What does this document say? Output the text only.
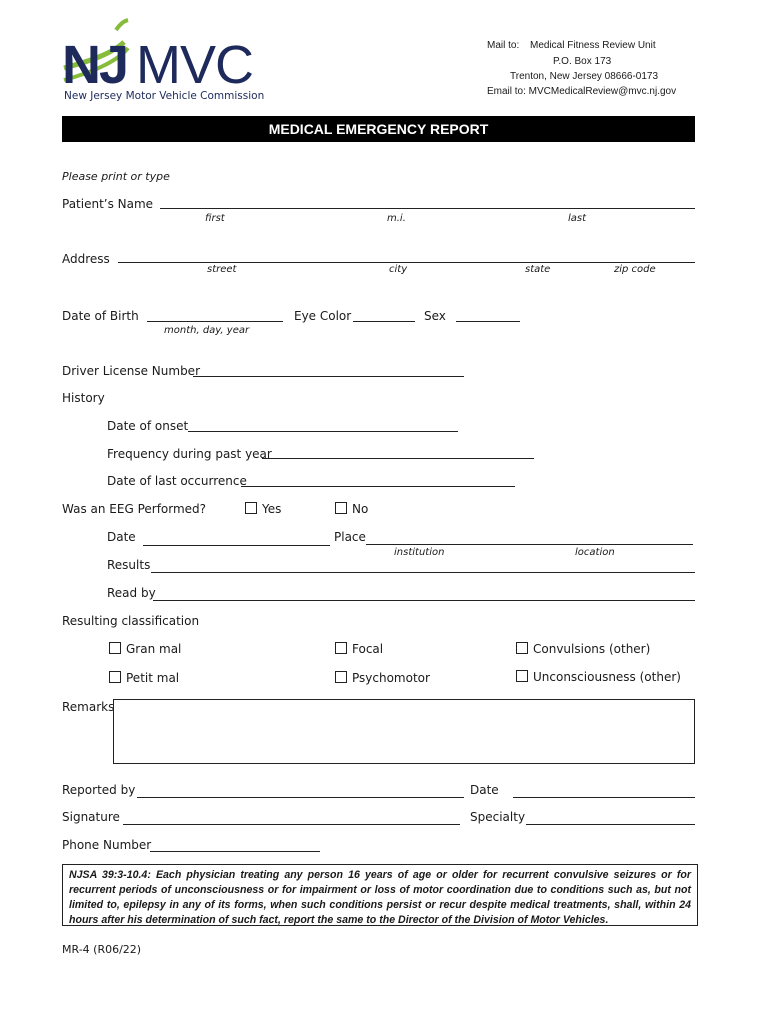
NJ MVC
New Jersey Motor Vehicle Commission
Mail to: Medical Fitness Review Unit
P.O. Box 173
Trenton, New Jersey 08666-0173
Email to: MVCMedicalReview@mvc.nj.gov
MEDICAL EMERGENCY REPORT
Please print or type
Patient’s Name
first	m.i.	last
Address
street	city	state	zip code
Date of Birth
month, day, year
Eye Color	Sex
Driver License Number
History
Date of onset
Frequency during past year
Date of last occurrence
Was an EEG Performed?	Yes	No
Date	Place
institution	location
Results
Read by
Resulting classification
Gran mal	Focal	Convulsions (other)
Petit mal	Psychomotor	Unconsciousness (other)
Remarks
Reported by	Date
Signature	Specialty
Phone Number
NJSA 39:3-10.4: Each physician treating any person 16 years of age or older for recurrent convulsive seizures or for recurrent periods of unconsciousness or for impairment or loss of motor coordination due to conditions such as, but not limited to, epilepsy in any of its forms, when such conditions persist or recur despite medical treatments, shall, within 24 hours after his determination of such fact, report the same to the Director of the Division of Motor Vehicles.
MR-4 (R06/22)
